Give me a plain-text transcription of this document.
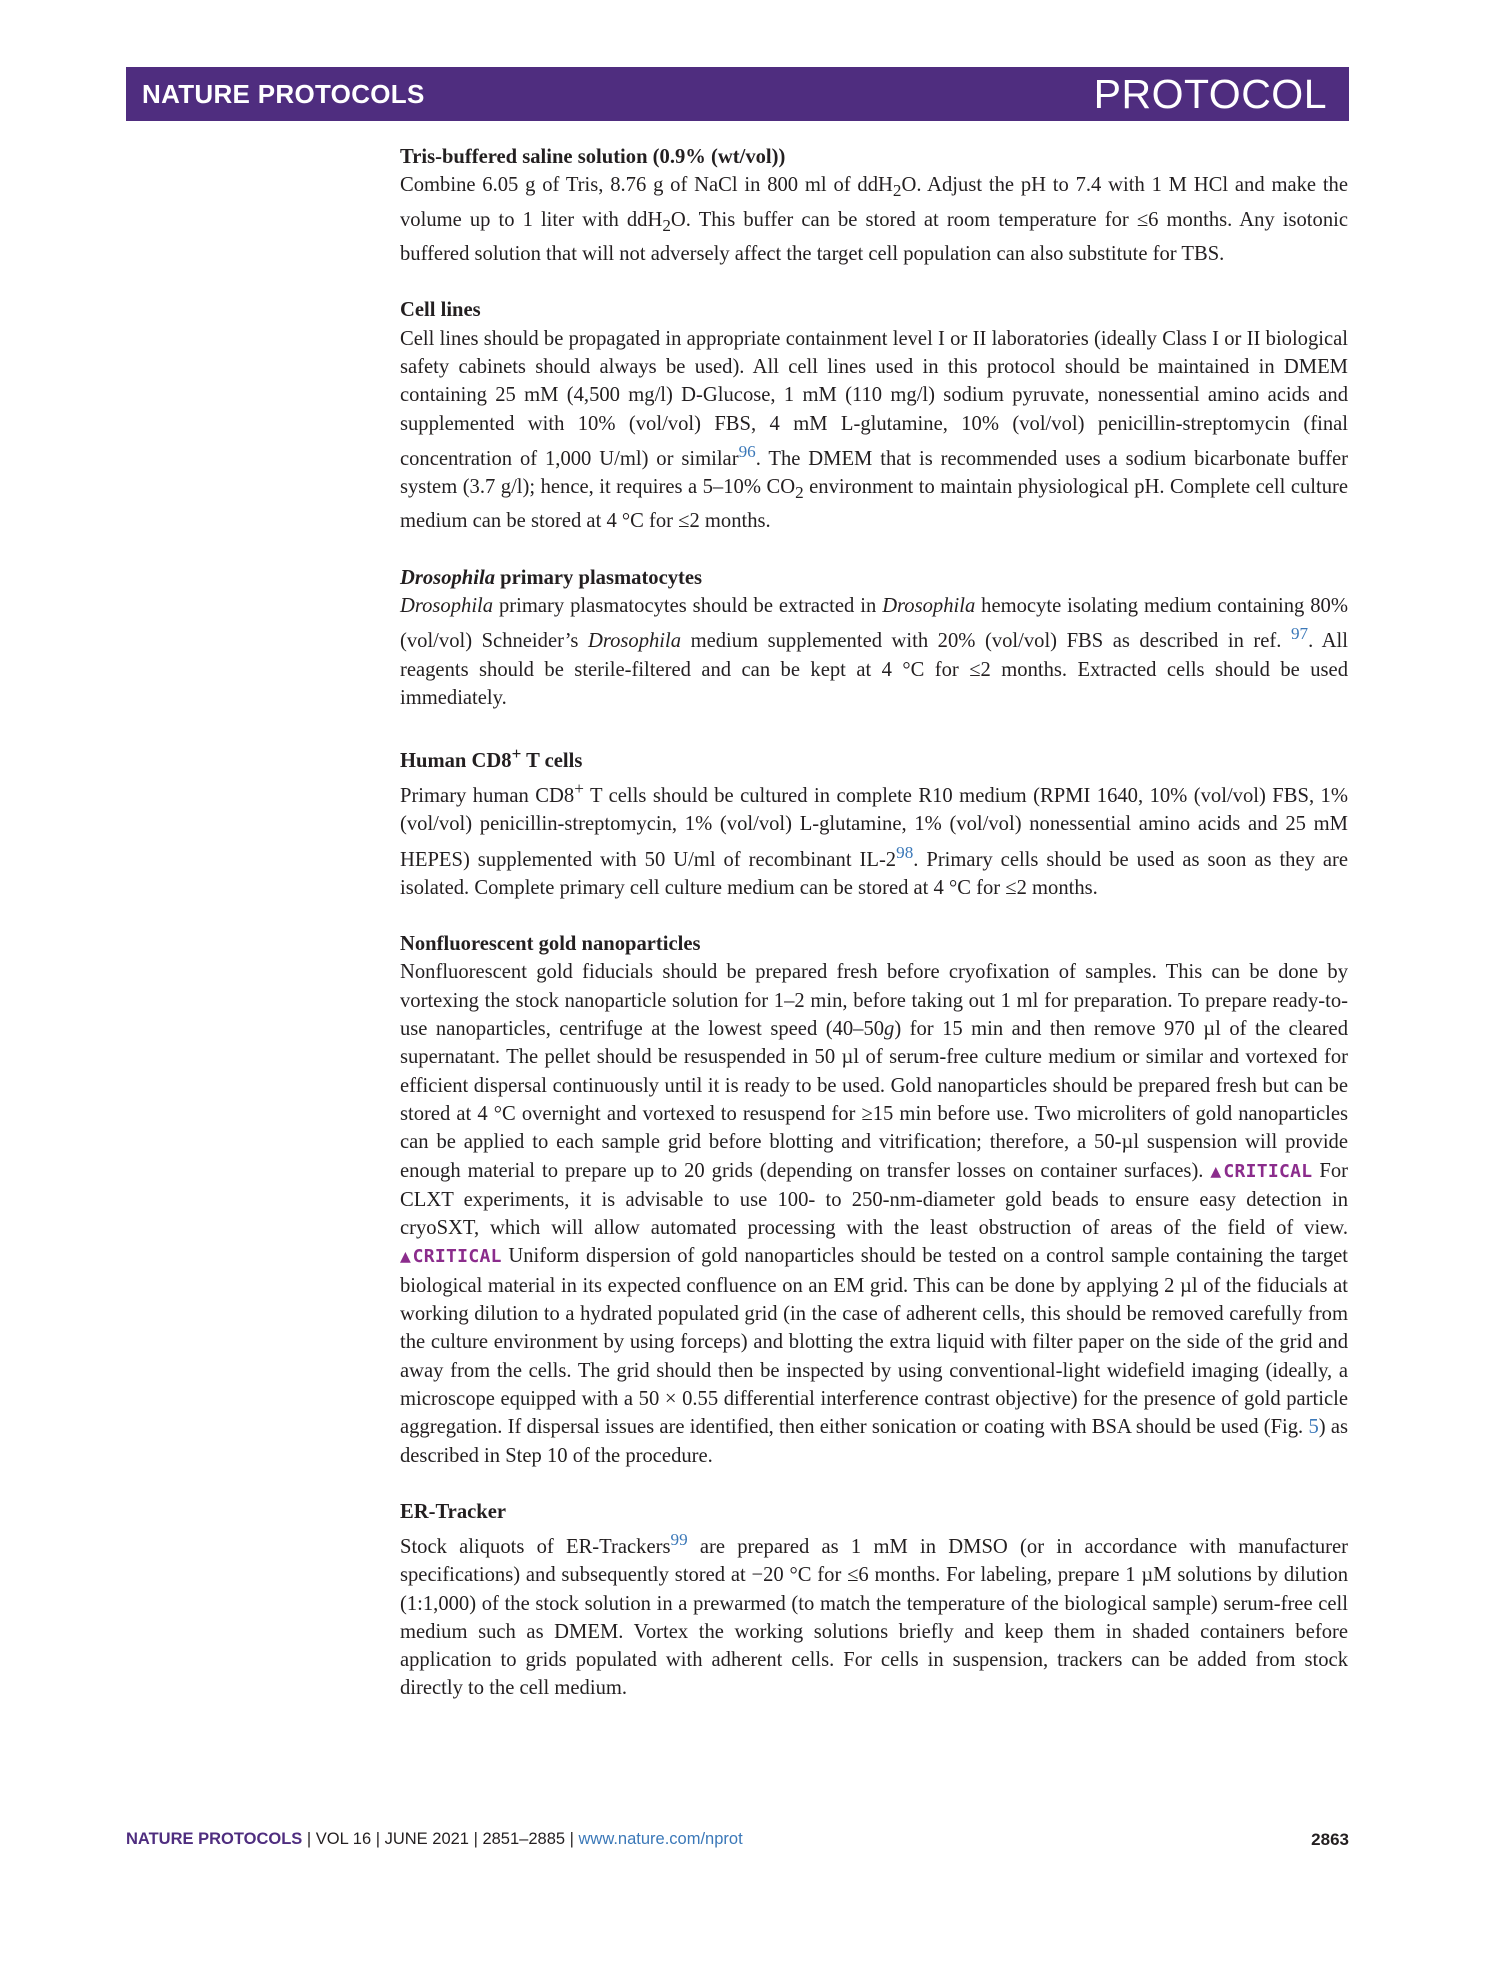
NATURE PROTOCOLS	PROTOCOL
Tris-buffered saline solution (0.9% (wt/vol))

Combine 6.05 g of Tris, 8.76 g of NaCl in 800 ml of ddH$_2$O. Adjust the pH to 7.4 with 1 M HCl and make the volume up to 1 liter with ddH$_2$O. This buffer can be stored at room temperature for ≤6 months. Any isotonic buffered solution that will not adversely affect the target cell population can also substitute for TBS.

Cell lines

Cell lines should be propagated in appropriate containment level I or II laboratories (ideally Class I or II biological safety cabinets should always be used). All cell lines used in this protocol should be maintained in DMEM containing 25 mM (4,500 mg/l) D-Glucose, 1 mM (110 mg/l) sodium pyruvate, nonessential amino acids and supplemented with 10% (vol/vol) FBS, 4 mM L-glutamine, 10% (vol/vol) penicillin-streptomycin (final concentration of 1,000 U/ml) or similar$^{96}$. The DMEM that is recommended uses a sodium bicarbonate buffer system (3.7 g/l); hence, it requires a 5–10% $CO_2$ environment to maintain physiological pH. Complete cell culture medium can be stored at 4 °C for ≤2 months.

Drosophila primary plasmatocytes

Drosophila primary plasmatocytes should be extracted in Drosophila hemocyte isolating medium containing 80% (vol/vol) Schneider’s Drosophila medium supplemented with 20% (vol/vol) FBS as described in ref. $^{97}$. All reagents should be sterile-filtered and can be kept at 4 °C for ≤2 months. Extracted cells should be used immediately.

Human CD8+ T cells

Primary human CD8+ T cells should be cultured in complete R10 medium (RPMI 1640, 10% (vol/vol) FBS, 1% (vol/vol) penicillin-streptomycin, 1% (vol/vol) L-glutamine, 1% (vol/vol) nonessential amino acids and 25 mM HEPES) supplemented with 50 U/ml of recombinant IL-2$^{98}$. Primary cells should be used as soon as they are isolated. Complete primary cell culture medium can be stored at 4 °C for ≤2 months.

Nonfluorescent gold nanoparticles

Nonfluorescent gold fiducials should be prepared fresh before cryofixation of samples. This can be done by vortexing the stock nanoparticle solution for 1–2 min, before taking out 1 ml for preparation. To prepare ready-to-use nanoparticles, centrifuge at the lowest speed (40–50g) for 15 min and then remove 970 µl of the cleared supernatant. The pellet should be resuspended in 50 µl of serum-free culture medium or similar and vortexed for efficient dispersal continuously until it is ready to be used. Gold nanoparticles should be prepared fresh but can be stored at 4 °C overnight and vortexed to resuspend for ≥15 min before use. Two microliters of gold nanoparticles can be applied to each sample grid before blotting and vitrification; therefore, a 50-µl suspension will provide enough material to prepare up to 20 grids (depending on transfer losses on container surfaces). ▲CRITICAL For CLXT experiments, it is advisable to use 100- to 250-nm-diameter gold beads to ensure easy detection in cryoSXT, which will allow automated processing with the least obstruction of areas of the field of view. ▲CRITICAL Uniform dispersion of gold nanoparticles should be tested on a control sample containing the target biological material in its expected confluence on an EM grid. This can be done by applying 2 µl of the fiducials at working dilution to a hydrated populated grid (in the case of adherent cells, this should be removed carefully from the culture environment by using forceps) and blotting the extra liquid with filter paper on the side of the grid and away from the cells. The grid should then be inspected by using conventional-light widefield imaging (ideally, a microscope equipped with a 50 × 0.55 differential interference contrast objective) for the presence of gold particle aggregation. If dispersal issues are identified, then either sonication or coating with BSA should be used (Fig. 5) as described in Step 10 of the procedure.

ER-Tracker

Stock aliquots of ER-Trackers$^{99}$ are prepared as 1 mM in DMSO (or in accordance with manufacturer specifications) and subsequently stored at −20 °C for ≤6 months. For labeling, prepare 1 µM solutions by dilution (1:1,000) of the stock solution in a prewarmed (to match the temperature of the biological sample) serum-free cell medium such as DMEM. Vortex the working solutions briefly and keep them in shaded containers before application to grids populated with adherent cells. For cells in suspension, trackers can be added from stock directly to the cell medium.

NATURE PROTOCOLS | VOL 16 | JUNE 2021 | 2851–2885 | www.nature.com/nprot	2863
